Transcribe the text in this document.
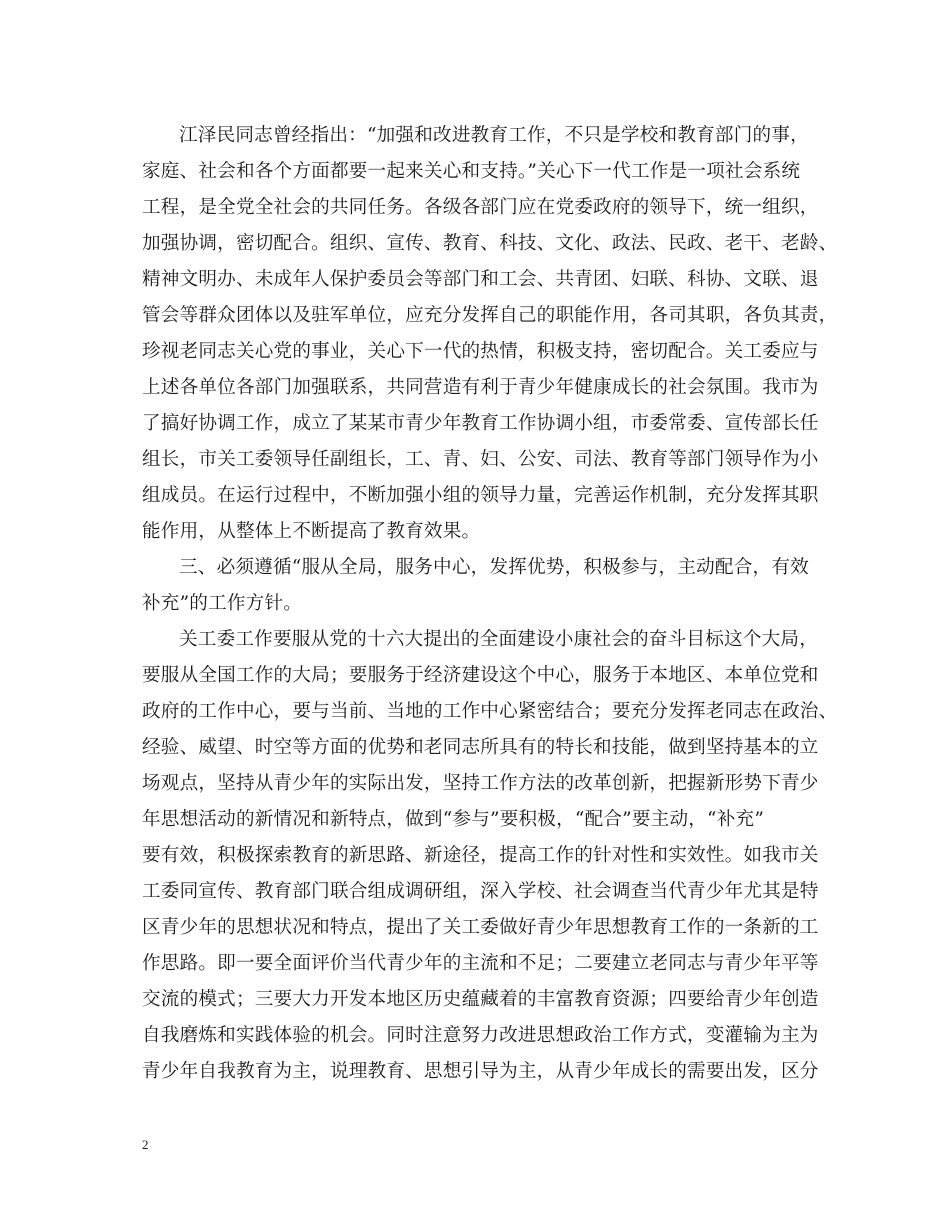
江泽民同志曾经指出：“加强和改进教育工作，不只是学校和教育部门的事，
家庭、社会和各个方面都要一起来关心和支持。”关心下一代工作是一项社会系统
工程，是全党全社会的共同任务。各级各部门应在党委政府的领导下，统一组织，
加强协调，密切配合。组织、宣传、教育、科技、文化、政法、民政、老干、老龄、
精神文明办、未成年人保护委员会等部门和工会、共青团、妇联、科协、文联、退
管会等群众团体以及驻军单位，应充分发挥自己的职能作用，各司其职，各负其责，
珍视老同志关心党的事业，关心下一代的热情，积极支持，密切配合。关工委应与
上述各单位各部门加强联系，共同营造有利于青少年健康成长的社会氛围。我市为
了搞好协调工作，成立了某某市青少年教育工作协调小组，市委常委、宣传部长任
组长，市关工委领导任副组长，工、青、妇、公安、司法、教育等部门领导作为小
组成员。在运行过程中，不断加强小组的领导力量，完善运作机制，充分发挥其职
能作用，从整体上不断提高了教育效果。
三、必须遵循“服从全局，服务中心，发挥优势，积极参与，主动配合，有效
补充”的工作方针。
关工委工作要服从党的十六大提出的全面建设小康社会的奋斗目标这个大局，
要服从全国工作的大局；要服务于经济建设这个中心，服务于本地区、本单位党和
政府的工作中心，要与当前、当地的工作中心紧密结合；要充分发挥老同志在政治、
经验、威望、时空等方面的优势和老同志所具有的特长和技能，做到坚持基本的立
场观点，坚持从青少年的实际出发，坚持工作方法的改革创新，把握新形势下青少
年思想活动的新情况和新特点，做到“参与”要积极，“配合”要主动，“补充”
要有效，积极探索教育的新思路、新途径，提高工作的针对性和实效性。如我市关
工委同宣传、教育部门联合组成调研组，深入学校、社会调查当代青少年尤其是特
区青少年的思想状况和特点，提出了关工委做好青少年思想教育工作的一条新的工
作思路。即一要全面评价当代青少年的主流和不足；二要建立老同志与青少年平等
交流的模式；三要大力开发本地区历史蕴藏着的丰富教育资源；四要给青少年创造
自我磨炼和实践体验的机会。同时注意努力改进思想政治工作方式，变灌输为主为
青少年自我教育为主，说理教育、思想引导为主，从青少年成长的需要出发，区分
2
